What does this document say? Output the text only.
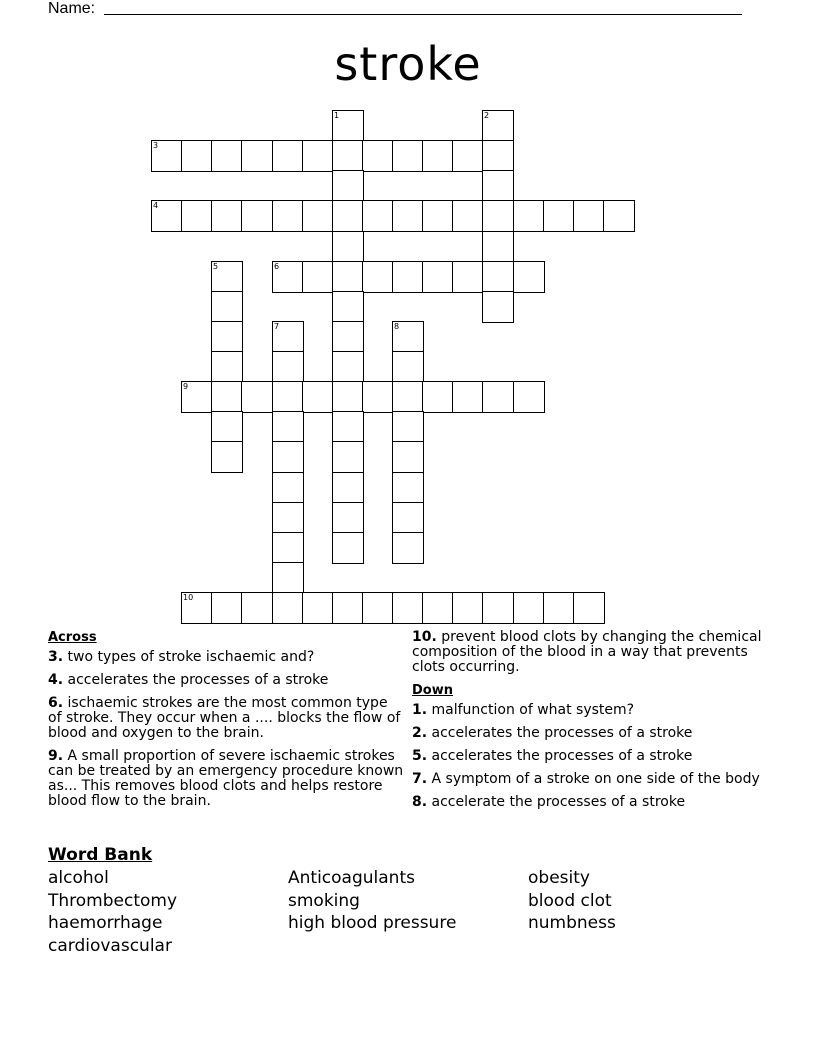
Name:
stroke
1	2
3
4
5	6
7	8
9
10
Across
3. two types of stroke ischaemic and?
4. accelerates the processes of a stroke
6. ischaemic strokes are the most common type of stroke. They occur when a .... blocks the flow of blood and oxygen to the brain.
9. A small proportion of severe ischaemic strokes can be treated by an emergency procedure known as... This removes blood clots and helps restore blood flow to the brain.
10. prevent blood clots by changing the chemical composition of the blood in a way that prevents clots occurring.
Down
1. malfunction of what system?
2. accelerates the processes of a stroke
5. accelerates the processes of a stroke
7. A symptom of a stroke on one side of the body
8. accelerate the processes of a stroke
Word Bank
alcohol
Thrombectomy
haemorrhage
cardiovascular
Anticoagulants
smoking
high blood pressure
obesity
blood clot
numbness
